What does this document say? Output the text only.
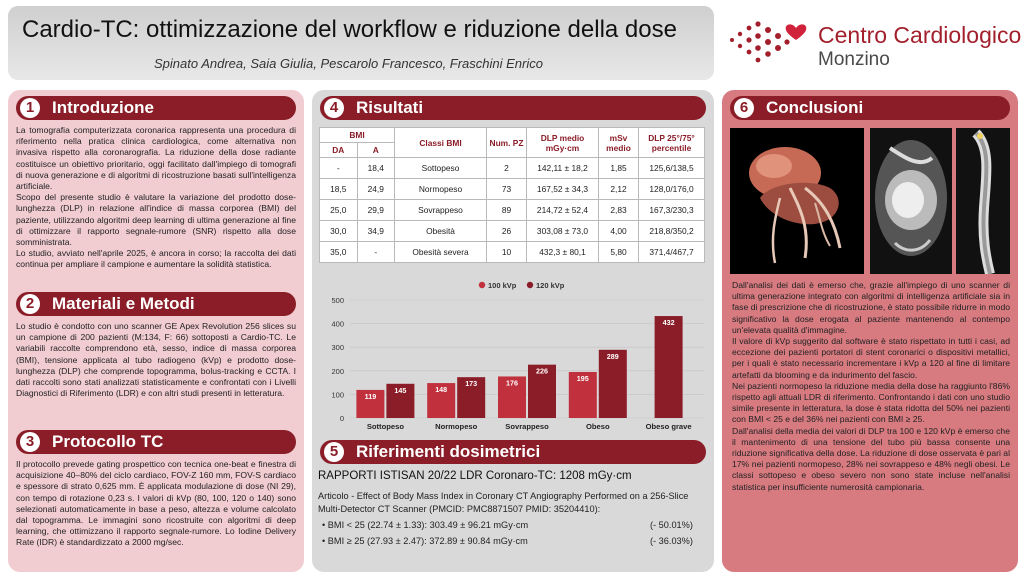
Cardio-TC: ottimizzazione del workflow e riduzione della dose
Spinato Andrea, Saia Giulia, Pescarolo Francesco, Fraschini Enrico
Centro Cardiologico
Monzino
1	Introduzione

La tomografia computerizzata coronarica rappresenta una procedura di riferimento nella pratica clinica cardiologica, come alternativa non invasiva rispetto alla coronarografia. La riduzione della dose radiante costituisce un obiettivo prioritario, oggi facilitato dall'impiego di tomografi di nuova generazione e di algoritmi di ricostruzione basati sull'intelligenza artificiale.

Scopo del presente studio è valutare la variazione del prodotto dose-lunghezza (DLP) in relazione all'indice di massa corporea (BMI) del paziente, utilizzando algoritmi deep learning di ultima generazione al fine di ottimizzare il rapporto segnale-rumore (SNR) rispetto alla dose somministrata.

Lo studio, avviato nell'aprile 2025, è ancora in corso; la raccolta dei dati continua per ampliare il campione e aumentare la solidità statistica.

2	Materiali e Metodi

Lo studio è condotto con uno scanner GE Apex Revolution 256 slices su un campione di 200 pazienti (M:134, F: 66) sottoposti a Cardio-TC. Le variabili raccolte comprendono età, sesso, indice di massa corporea (BMI), tensione applicata al tubo radiogeno (kVp) e prodotto dose-lunghezza (DLP) che comprende topogramma, bolus-tracking e CCTA. I dati raccolti sono stati analizzati statisticamente e confrontati con i Livelli Diagnostici di Riferimento (LDR) e con altri studi presenti in letteratura.

3	Protocollo TC

Il protocollo prevede gating prospettico con tecnica one-beat e finestra di acquisizione 40–80% del ciclo cardiaco, FOV-Z 160 mm, FOV-S cardiaco e spessore di strato 0,625 mm. È applicata modulazione di dose (NI 29), con tempo di rotazione 0,23 s. I valori di kVp (80, 100, 120 o 140) sono selezionati automaticamente in base a peso, altezza e volume calcolato dal topogramma. Le immagini sono ricostruite con algoritmi di deep learning, che ottimizzano il rapporto segnale-rumore. Lo Iodine Delivery Rate (IDR) è standardizzato a 2000 mg/sec.

4	Risultati
BMI		Classi BMI	Num. PZ	DLP medio mGy·cm	mSv medio	DLP 25°/75° percentile
DA	A					
-	18,4	Sottopeso	2	142,11 ± 18,2	1,85	125,6/138,5
18,5	24,9	Normopeso	73	167,52 ± 34,3	2,12	128,0/176,0
25,0	29,9	Sovrappeso	89	214,72 ± 52,4	2,83	167,3/230,3
30,0	34,9	Obesità	26	303,08 ± 73,0	4,00	218,8/350,2
35,0	-	Obesità severa	10	432,3 ± 80,1	5,80	371,4/467,7
0
100
200
300
400
500
100 kVp	120 kVp
119
145
Sottopeso
148
173
Normopeso
176
226
Sovrappeso
195
289
Obeso
432
Obeso grave
5	Riferimenti dosimetrici
RAPPORTI ISTISAN 20/22 LDR Coronaro-TC: 1208 mGy·cm
Articolo - Effect of Body Mass Index in Coronary CT Angiography Performed on a 256-Slice Multi-Detector CT Scanner (PMCID: PMC8871507 PMID: 35204410):
• BMI < 25 (22.74 ± 1.33): 303.49 ± 96.21 mGy·cm	(- 50.01%)
• BMI ≥ 25 (27.93 ± 2.47): 372.89 ± 90.84 mGy·cm	(- 36.03%)
6	Conclusioni

Dall'analisi dei dati è emerso che, grazie all'impiego di uno scanner di ultima generazione integrato con algoritmi di intelligenza artificiale sia in fase di prescrizione che di ricostruzione, è stato possibile ridurre in modo significativo la dose erogata al paziente mantenendo al contempo un'elevata qualità d'immagine.

Il valore di kVp suggerito dal software è stato rispettato in tutti i casi, ad eccezione dei pazienti portatori di stent coronarici o dispositivi metallici, per i quali è stato necessario incrementare i kVp a 120 al fine di limitare artefatti da blooming e da indurimento del fascio.

Nei pazienti normopeso la riduzione media della dose ha raggiunto l'86% rispetto agli attuali LDR di riferimento. Confrontando i dati con uno studio simile presente in letteratura, la dose è stata ridotta del 50% nei pazienti con BMI < 25 e del 36% nei pazienti con BMI ≥ 25.

Dall'analisi della media dei valori di DLP tra 100 e 120 kVp è emerso che il mantenimento di una tensione del tubo più bassa consente una riduzione significativa della dose. La riduzione di dose osservata è pari al 17% nei pazienti normopeso, 28% nei sovrappeso e 48% negli obesi. Le classi sottopeso e obeso severo non sono state incluse nell'analisi statistica per insufficiente numerosità campionaria.
